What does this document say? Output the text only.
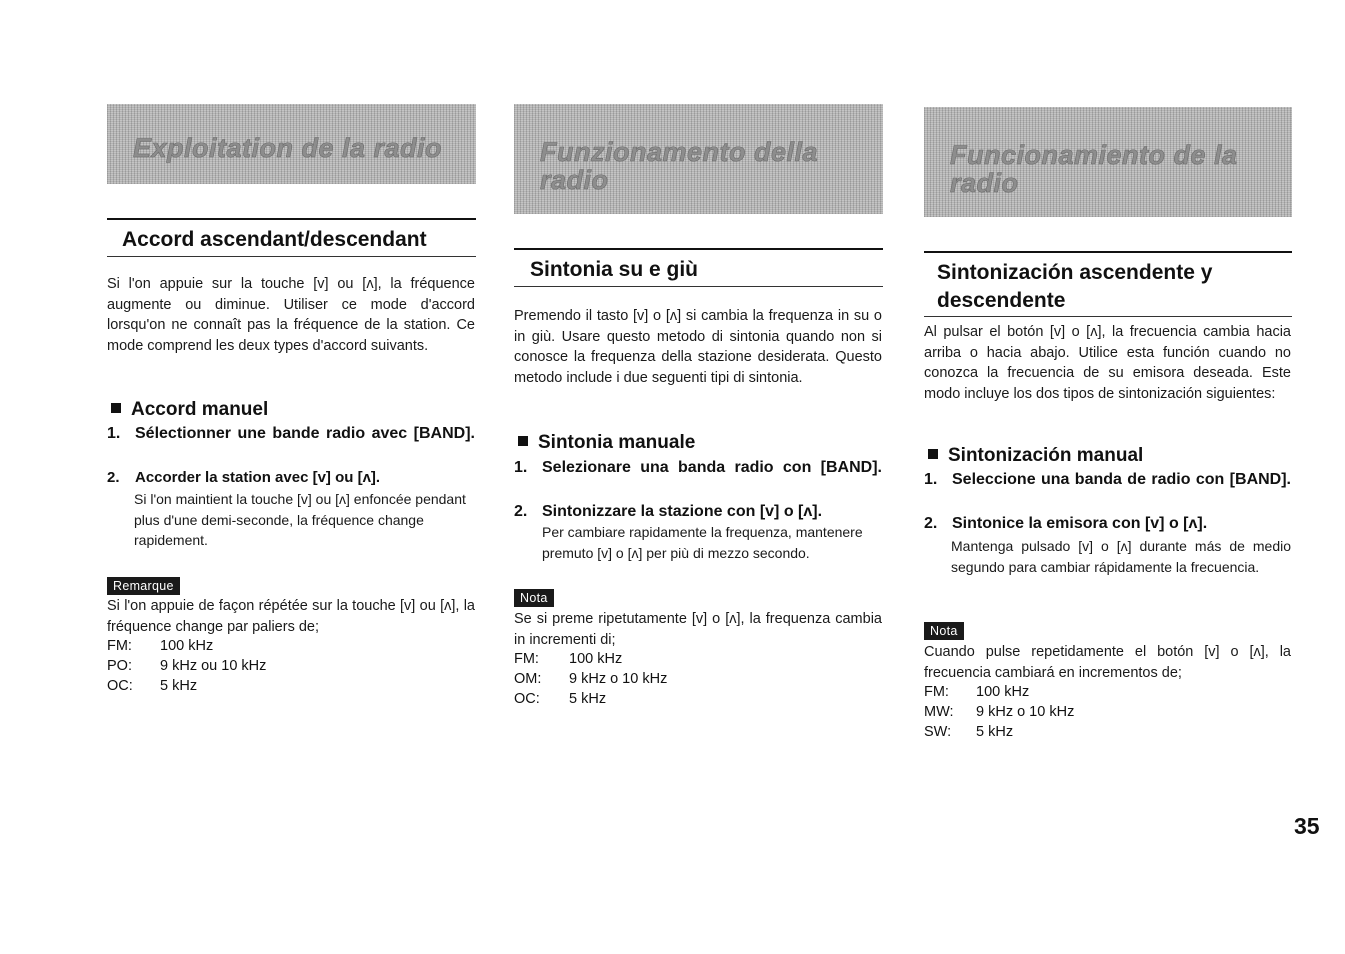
Exploitation de la radio
Accord ascendant/descendant
Si l'on appuie sur la touche [v] ou [ʌ], la fréquence augmente ou diminue. Utiliser ce mode d'accord lorsqu'on ne connaît pas la fréquence de la station. Ce mode comprend les deux types d'accord suivants.
Accord manuel
1. Sélectionner une bande radio avec [BAND].
2. Accorder la station avec [v] ou [ʌ].
Si l'on maintient la touche [v] ou [ʌ] enfoncée pendant plus d'une demi-seconde, la fréquence change rapidement.
Remarque
Si l'on appuie de façon répétée sur la touche [v] ou [ʌ], la fréquence change par paliers de;
FM: 100 kHz
PO: 9 kHz ou 10 kHz
OC: 5 kHz
Funzionamento della radio
Sintonia su e giù
Premendo il tasto [v] o [ʌ] si cambia la frequenza in su o in giù. Usare questo metodo di sintonia quando non si conosce la frequenza della stazione desiderata. Questo metodo include i due seguenti tipi di sintonia.
Sintonia manuale
1. Selezionare una banda radio con [BAND].
2. Sintonizzare la stazione con [v] o [ʌ].
Per cambiare rapidamente la frequenza, mantenere premuto [v] o [ʌ] per più di mezzo secondo.
Nota
Se si preme ripetutamente [v] o [ʌ], la frequenza cambia in incrementi di;
FM: 100 kHz
OM: 9 kHz o 10 kHz
OC: 5 kHz
Funcionamiento de la radio
Sintonización ascendente y descendente
Al pulsar el botón [v] o [ʌ], la frecuencia cambia hacia arriba o hacia abajo. Utilice esta función cuando no conozca la frecuencia de su emisora deseada. Este modo incluye los dos tipos de sintonización siguientes:
Sintonización manual
1. Seleccione una banda de radio con [BAND].
2. Sintonice la emisora con [v] o [ʌ].
Mantenga pulsado [v] o [ʌ] durante más de medio segundo para cambiar rápidamente la frecuencia.
Nota
Cuando pulse repetidamente el botón [v] o [ʌ], la frecuencia cambiará en incrementos de;
FM: 100 kHz
MW: 9 kHz o 10 kHz
SW: 5 kHz
35
